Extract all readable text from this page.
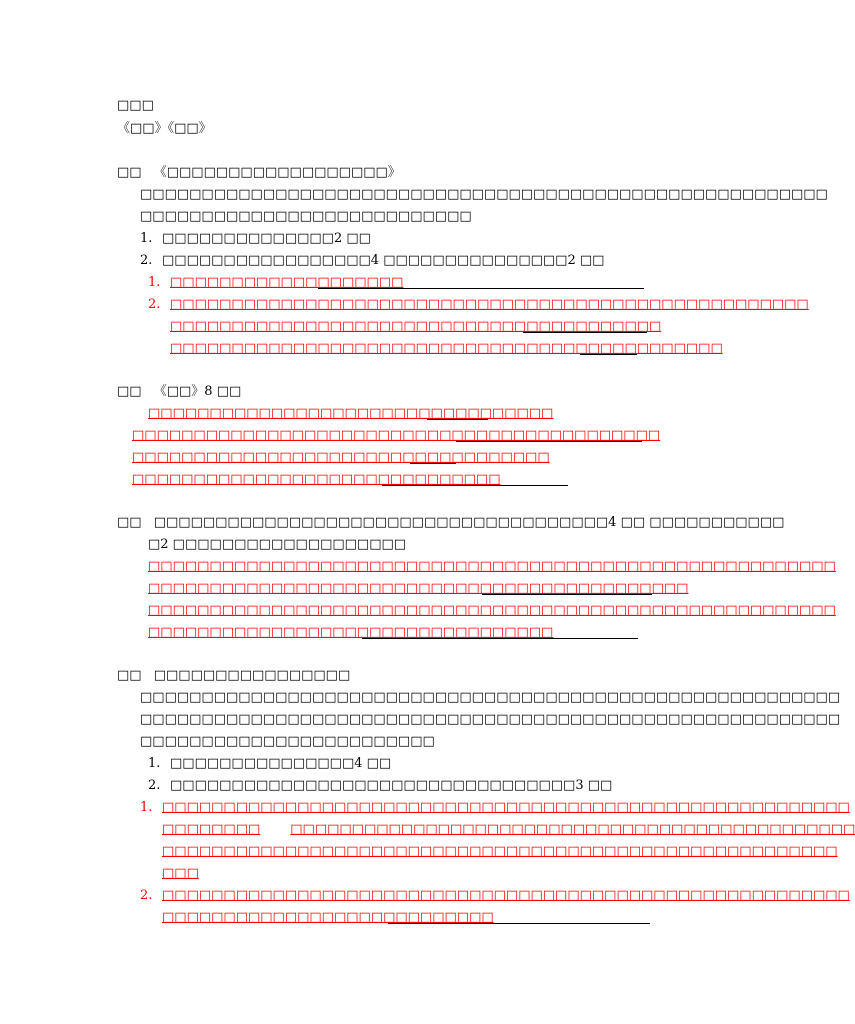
□□□
《□□》《□□》
□□ 《□□□□□□□□□□□□□□□□□□》
□□□□□□□□□□□□□□□□□□□□□□□□□□□□□□□□□□□□□□□□□□□□□□□□□□□□□□□□
□□□□□□□□□□□□□□□□□□□□□□□□□□□
1. □□□□□□□□□□□□□□2 □□
2. □□□□□□□□□□□□□□□□□4 □□□□□□□□□□□□□□□2 □□
1. □□□□□□□□□□□□□□□□□□□
2. □□□□□□□□□□□□□□□□□□□□□□□□□□□□□□□□□□□□□□□□□□□□□□□□□□□□
□□□□□□□□□□□□□□□□□□□□□□□□□□□□□□□□□□□□□□□□
□□□□□□□□□□□□□□□□□□□□□□□□□□□□□□□□□□□□□□□□□□□□□
□□ 《□□》8 □□
□□□□□□□□□□□□□□□□□□□□□□□□□□□□□□□□□
□□□□□□□□□□□□□□□□□□□□□□□□□□□□□□□□□□□□□□□□□□□
□□□□□□□□□□□□□□□□□□□□□□□□□□□□□□□□□□
□□□□□□□□□□□□□□□□□□□□□□□□□□□□□□
□□ □□□□□□□□□□□□□□□□□□□□□□□□□□□□□□□□□□□□□4 □□ □□□□□□□□□□□
□2 □□□□□□□□□□□□□□□□□□□
□□□□□□□□□□□□□□□□□□□□□□□□□□□□□□□□□□□□□□□□□□□□□□□□□□□□□□□□
□□□□□□□□□□□□□□□□□□□□□□□□□□□□□□□□□□□□□□□□□□□□
□□□□□□□□□□□□□□□□□□□□□□□□□□□□□□□□□□□□□□□□□□□□□□□□□□□□□□□□
□□□□□□□□□□□□□□□□□□□□□□□□□□□□□□□□□
□□ □□□□□□□□□□□□□□□□
□□□□□□□□□□□□□□□□□□□□□□□□□□□□□□□□□□□□□□□□□□□□□□□□□□□□□□□□□
□□□□□□□□□□□□□□□□□□□□□□□□□□□□□□□□□□□□□□□□□□□□□□□□□□□□□□□□□
□□□□□□□□□□□□□□□□□□□□□□□□
1. □□□□□□□□□□□□□□□4 □□
2. □□□□□□□□□□□□□□□□□□□□□□□□□□□□□□□□□3 □□
1. □□□□□□□□□□□□□□□□□□□□□□□□□□□□□□□□□□□□□□□□□□□□□□□□□□□□□□□□
□□□□□□□□ □□□□□□□□□□□□□□□□□□□□□□□□□□□□□□□□□□□□□□□□□□□□□□
□□□□□□□□□□□□□□□□□□□□□□□□□□□□□□□□□□□□□□□□□□□□□□□□□□□□□□□
□□□
2. □□□□□□□□□□□□□□□□□□□□□□□□□□□□□□□□□□□□□□□□□□□□□□□□□□□□□□□□
□□□□□□□□□□□□□□□□□□□□□□□□□□□
